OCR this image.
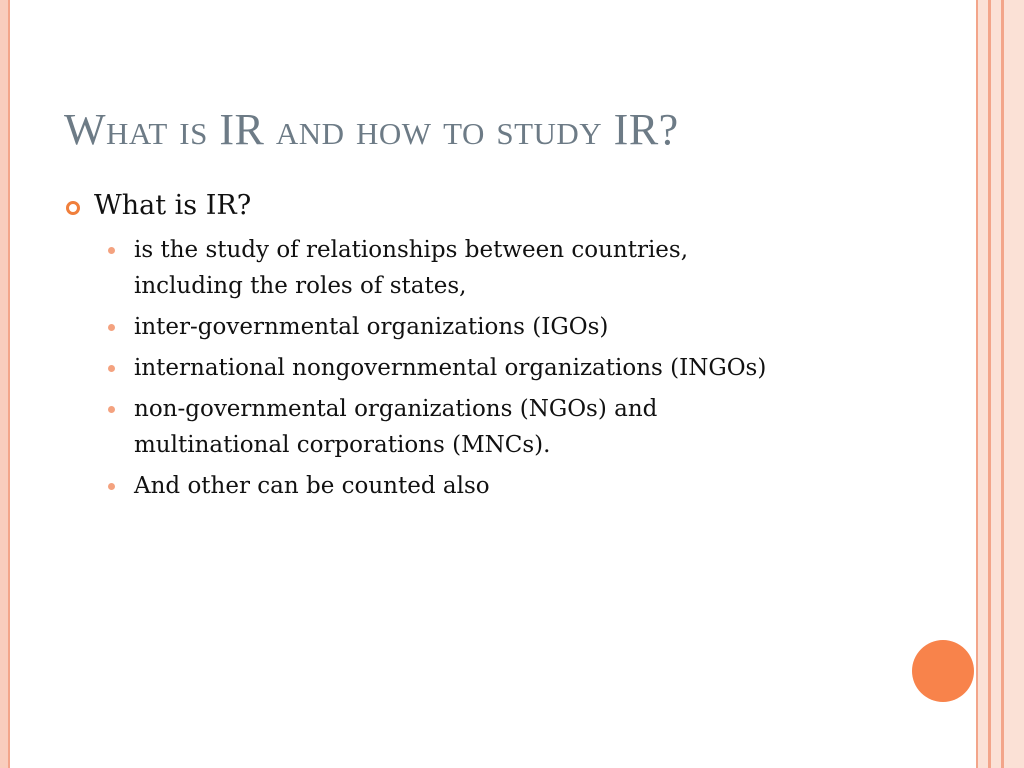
What is IR and how to study IR?
What is IR?
is the study of relationships between countries,
including the roles of states,
inter-governmental organizations (IGOs)
international nongovernmental organizations (INGOs)
non-governmental organizations (NGOs) and
multinational corporations (MNCs).
And other can be counted also
